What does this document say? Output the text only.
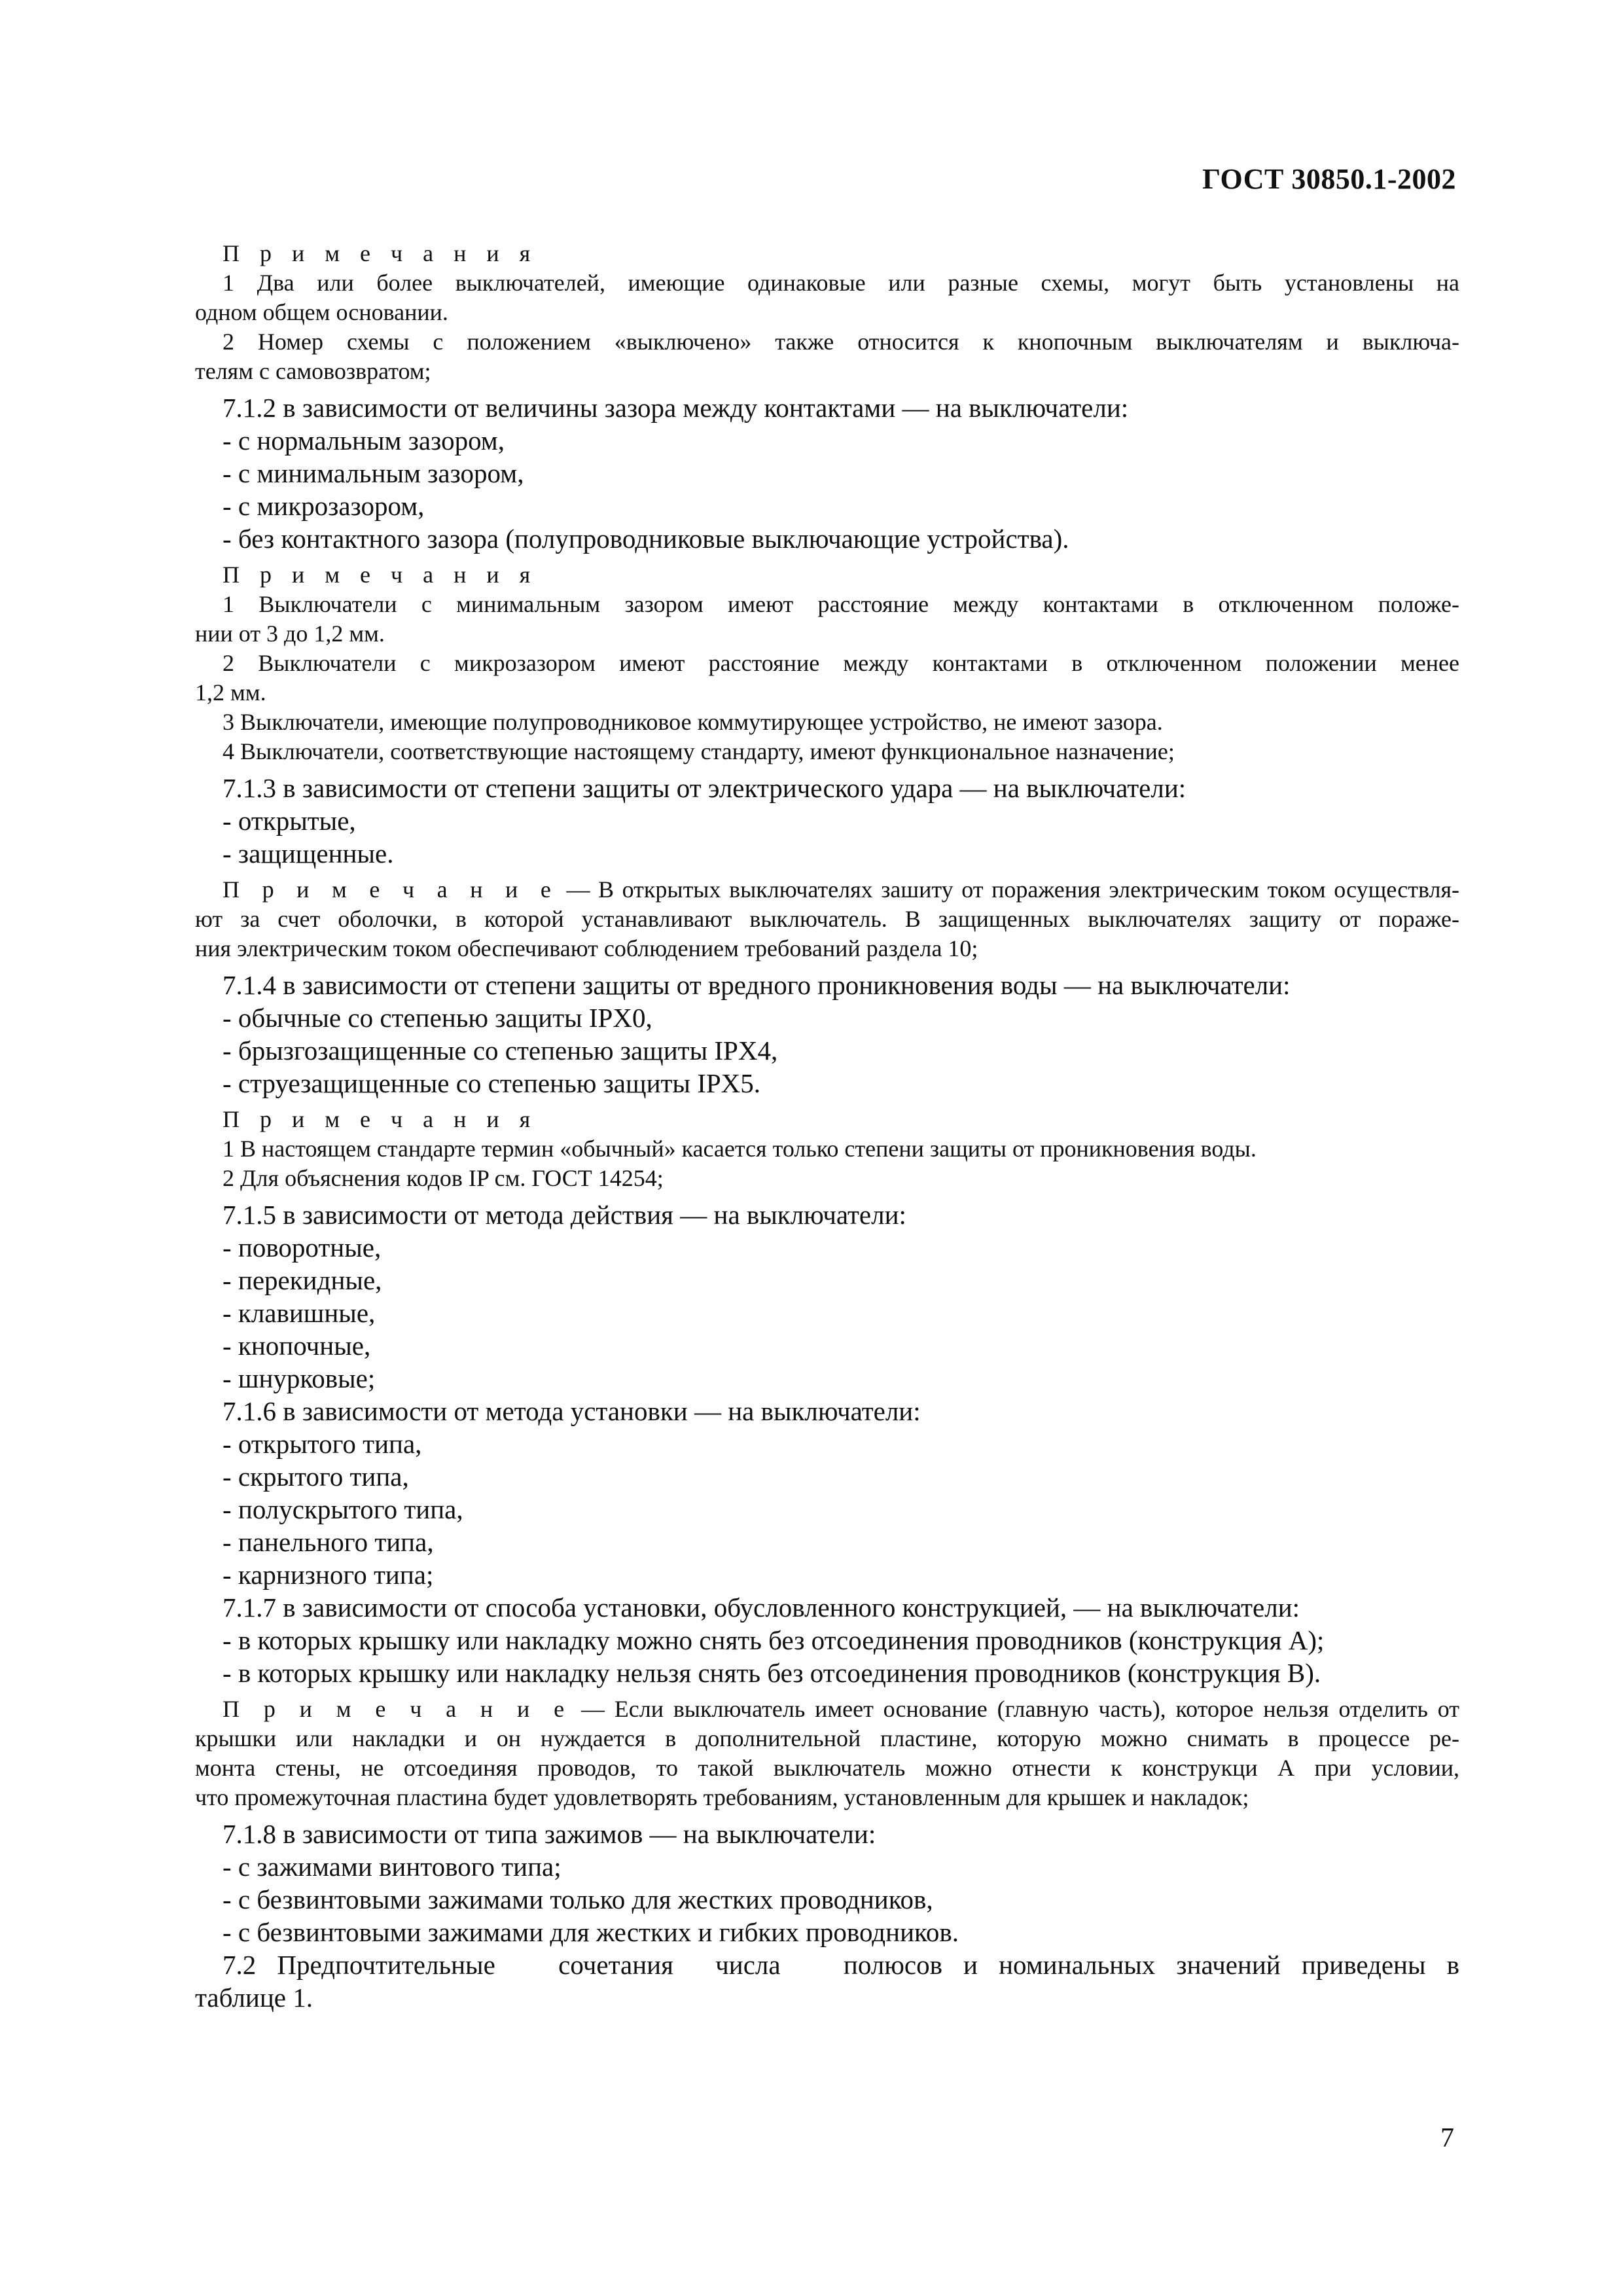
ГОСТ 30850.1-2002
П р и м е ч а н и я
1 Два или более выключателей, имеющие одинаковые или разные схемы, могут быть установлены на
одном общем основании.
2 Номер схемы с положением «выключено» также относится к кнопочным выключателям и выключа-
телям с самовозвратом;
7.1.2 в зависимости от величины зазора между контактами — на выключатели:
- с нормальным зазором,
- с минимальным зазором,
- с микрозазором,
- без контактного зазора (полупроводниковые выключающие устройства).
П р и м е ч а н и я
1 Выключатели с минимальным зазором имеют расстояние между контактами в отключенном положе-
нии от 3 до 1,2 мм.
2 Выключатели с микрозазором имеют расстояние между контактами в отключенном положении менее
1,2 мм.
3 Выключатели, имеющие полупроводниковое коммутирующее устройство, не имеют зазора.
4 Выключатели, соответствующие настоящему стандарту, имеют функциональное назначение;
7.1.3 в зависимости от степени защиты от электрического удара — на выключатели:
- открытые,
- защищенные.
П р и м е ч а н и е — В открытых выключателях зашиту от поражения электрическим током осуществля-
ют за счет оболочки, в которой устанавливают выключатель. В защищенных выключателях защиту от пораже-
ния электрическим током обеспечивают соблюдением требований раздела 10;
7.1.4 в зависимости от степени защиты от вредного проникновения воды — на выключатели:
- обычные со степенью защиты IPX0,
- брызгозащищенные со степенью защиты IPX4,
- струезащищенные со степенью защиты IPX5.
П р и м е ч а н и я
1 В настоящем стандарте термин «обычный» касается только степени защиты от проникновения воды.
2 Для объяснения кодов IP см. ГОСТ 14254;
7.1.5 в зависимости от метода действия — на выключатели:
- поворотные,
- перекидные,
- клавишные,
- кнопочные,
- шнурковые;
7.1.6 в зависимости от метода установки — на выключатели:
- открытого типа,
- скрытого типа,
- полускрытого типа,
- панельного типа,
- карнизного типа;
7.1.7 в зависимости от способа установки, обусловленного конструкцией, — на выключатели:
- в которых крышку или накладку можно снять без отсоединения проводников (конструкция А);
- в которых крышку или накладку нельзя снять без отсоединения проводников (конструкция В).
П р и м е ч а н и е — Если выключатель имеет основание (главную часть), которое нельзя отделить от
крышки или накладки и он нуждается в дополнительной пластине, которую можно снимать в процессе ре-
монта стены, не отсоединяя проводов, то такой выключатель можно отнести к конструкци А при условии,
что промежуточная пластина будет удовлетворять требованиям, установленным для крышек и накладок;
7.1.8 в зависимости от типа зажимов — на выключатели:
- с зажимами винтового типа;
- с безвинтовыми зажимами только для жестких проводников,
- с безвинтовыми зажимами для жестких и гибких проводников.
7.2 Предпочтительные   сочетания  числа   полюсов и номинальных значений приведены в
таблице 1.
7
